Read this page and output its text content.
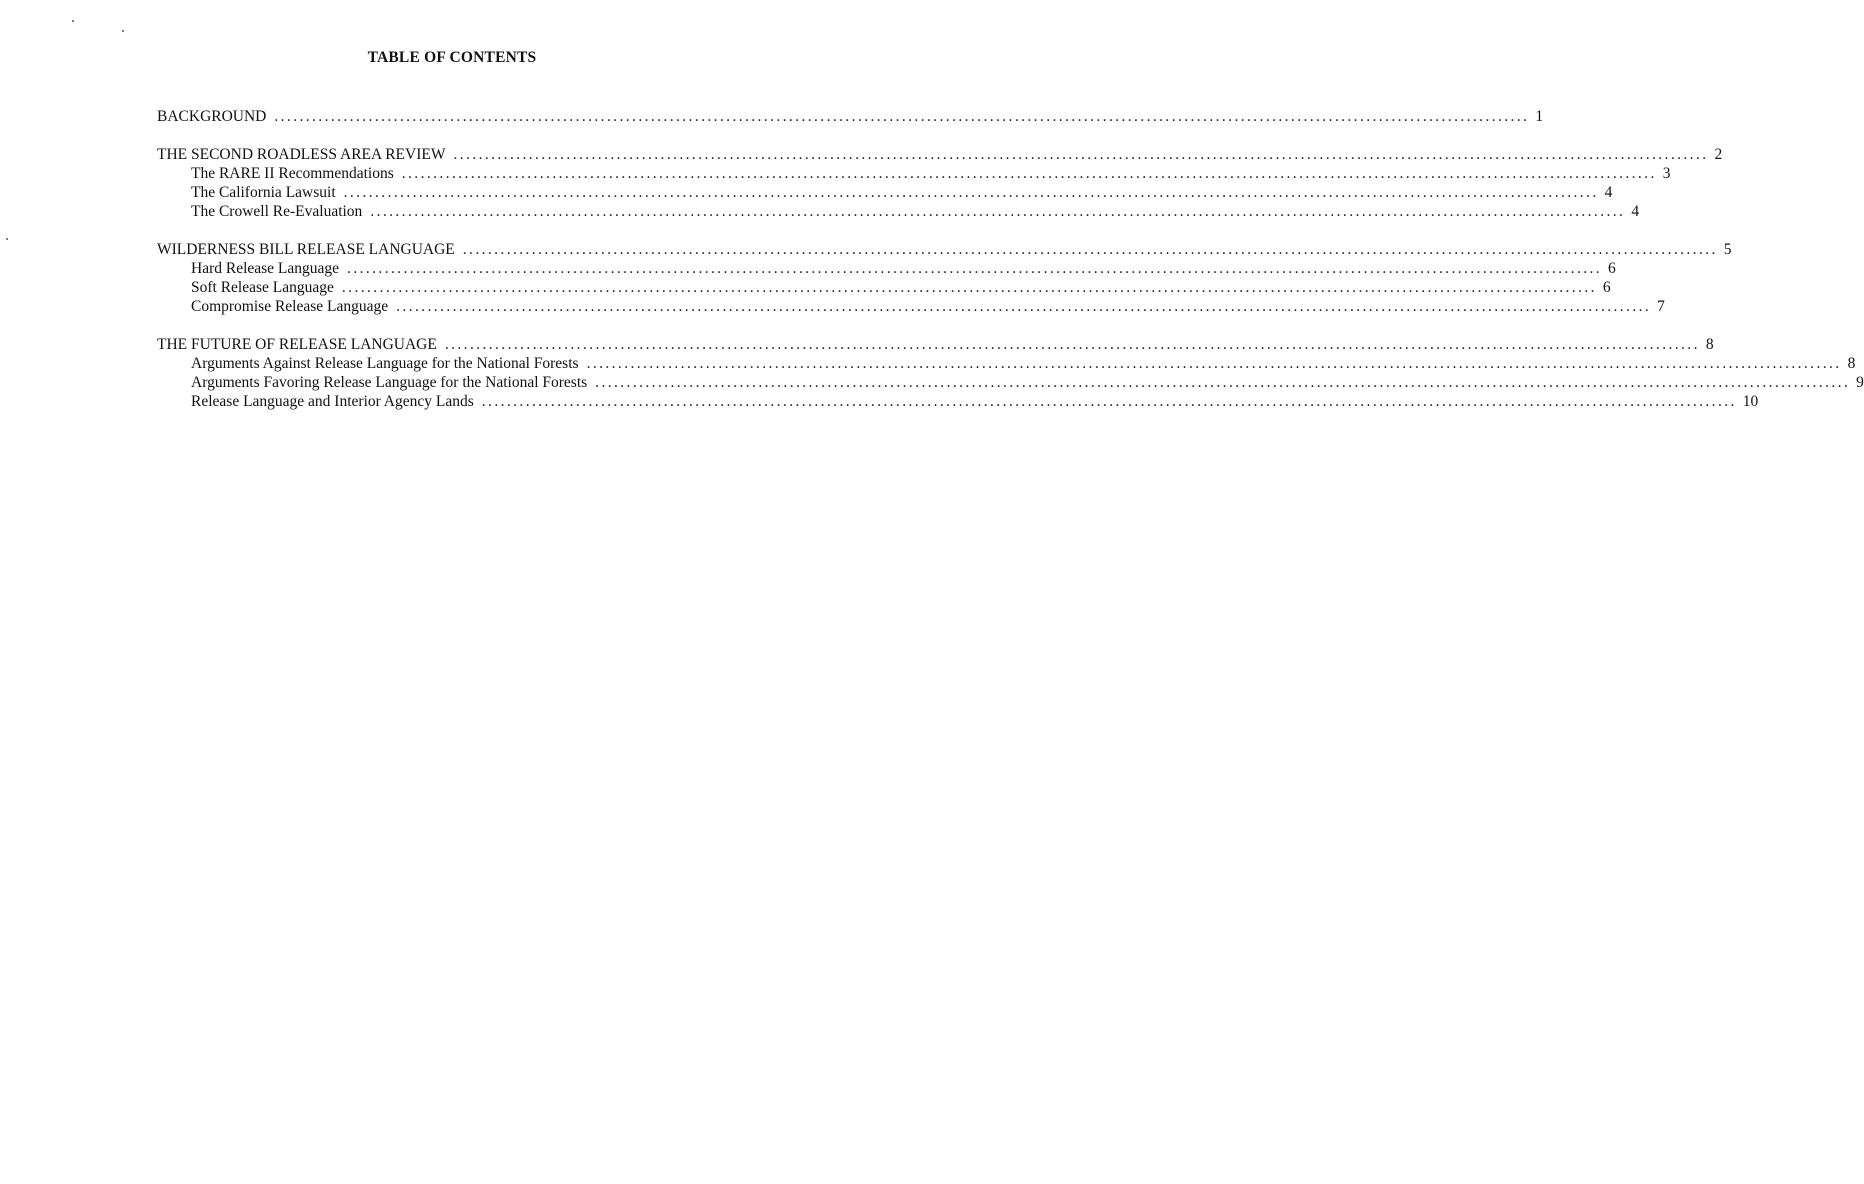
TABLE OF CONTENTS
BACKGROUND ........................................................................................................................................................................................................ 1
THE SECOND ROADLESS AREA REVIEW ........................................................................................................................................................................................................ 2
The RARE II Recommendations ........................................................................................................................................................................................................ 3
The California Lawsuit ........................................................................................................................................................................................................ 4
The Crowell Re-Evaluation ........................................................................................................................................................................................................ 4
WILDERNESS BILL RELEASE LANGUAGE ........................................................................................................................................................................................................ 5
Hard Release Language ........................................................................................................................................................................................................ 6
Soft Release Language ........................................................................................................................................................................................................ 6
Compromise Release Language ........................................................................................................................................................................................................ 7
THE FUTURE OF RELEASE LANGUAGE ........................................................................................................................................................................................................ 8
Arguments Against Release Language for the National Forests ........................................................................................................................................................................................................ 8
Arguments Favoring Release Language for the National Forests ........................................................................................................................................................................................................ 9
Release Language and Interior Agency Lands ........................................................................................................................................................................................................ 10
